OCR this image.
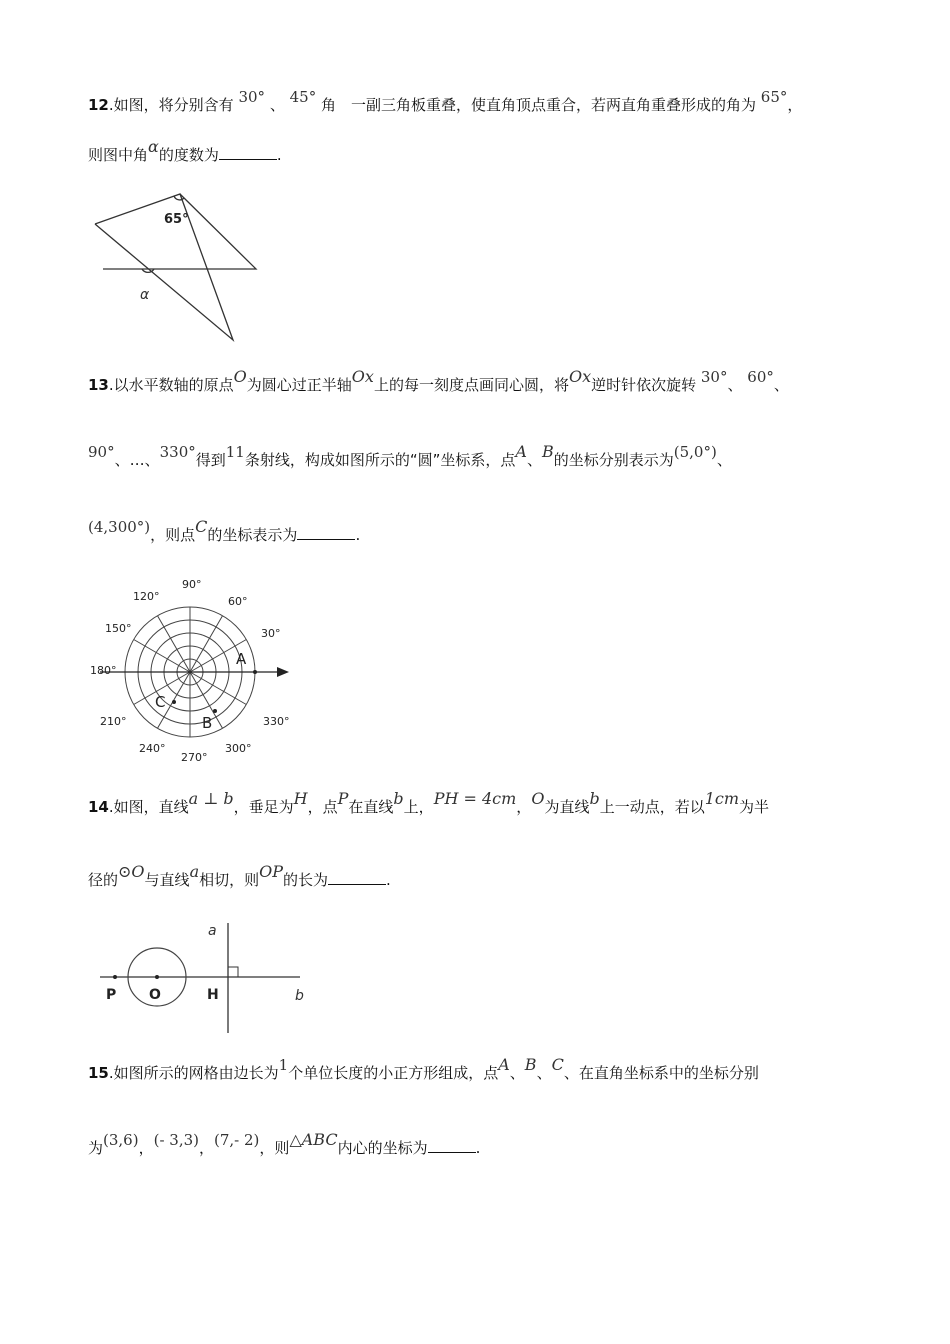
12.如图，将分别含有 30° 、 45° 角　一副三角板重叠，使直角顶点重合，若两直角重叠形成的角为 65°，
则图中角α的度数为	.
65°
α
13.以水平数轴的原点O为圆心过正半轴Ox上的每一刻度点画同心圆，将Ox逆时针依次旋转 30°、 60°、
90°、…、330°得到11条射线，构成如图所示的“圆”坐标系，点A、B的坐标分别表示为(5,0°)、
(4,300°)，则点C的坐标表示为	.
90°
60°
30°
120°
150°
180°
210°
240°
270°
300°
330°
A
B
C
14.如图，直线a ⊥ b，垂足为H，点P在直线b上，PH = 4cm，O为直线b上一动点，若以1cm为半
径的⊙O与直线a相切，则OP的长为	.
a
b
P O	H
15.如图所示的网格由边长为1个单位长度的小正方形组成，点A、B、C、在直角坐标系中的坐标分别
为(3,6)，(- 3,3)，(7,- 2)，则△ABC内心的坐标为	.
